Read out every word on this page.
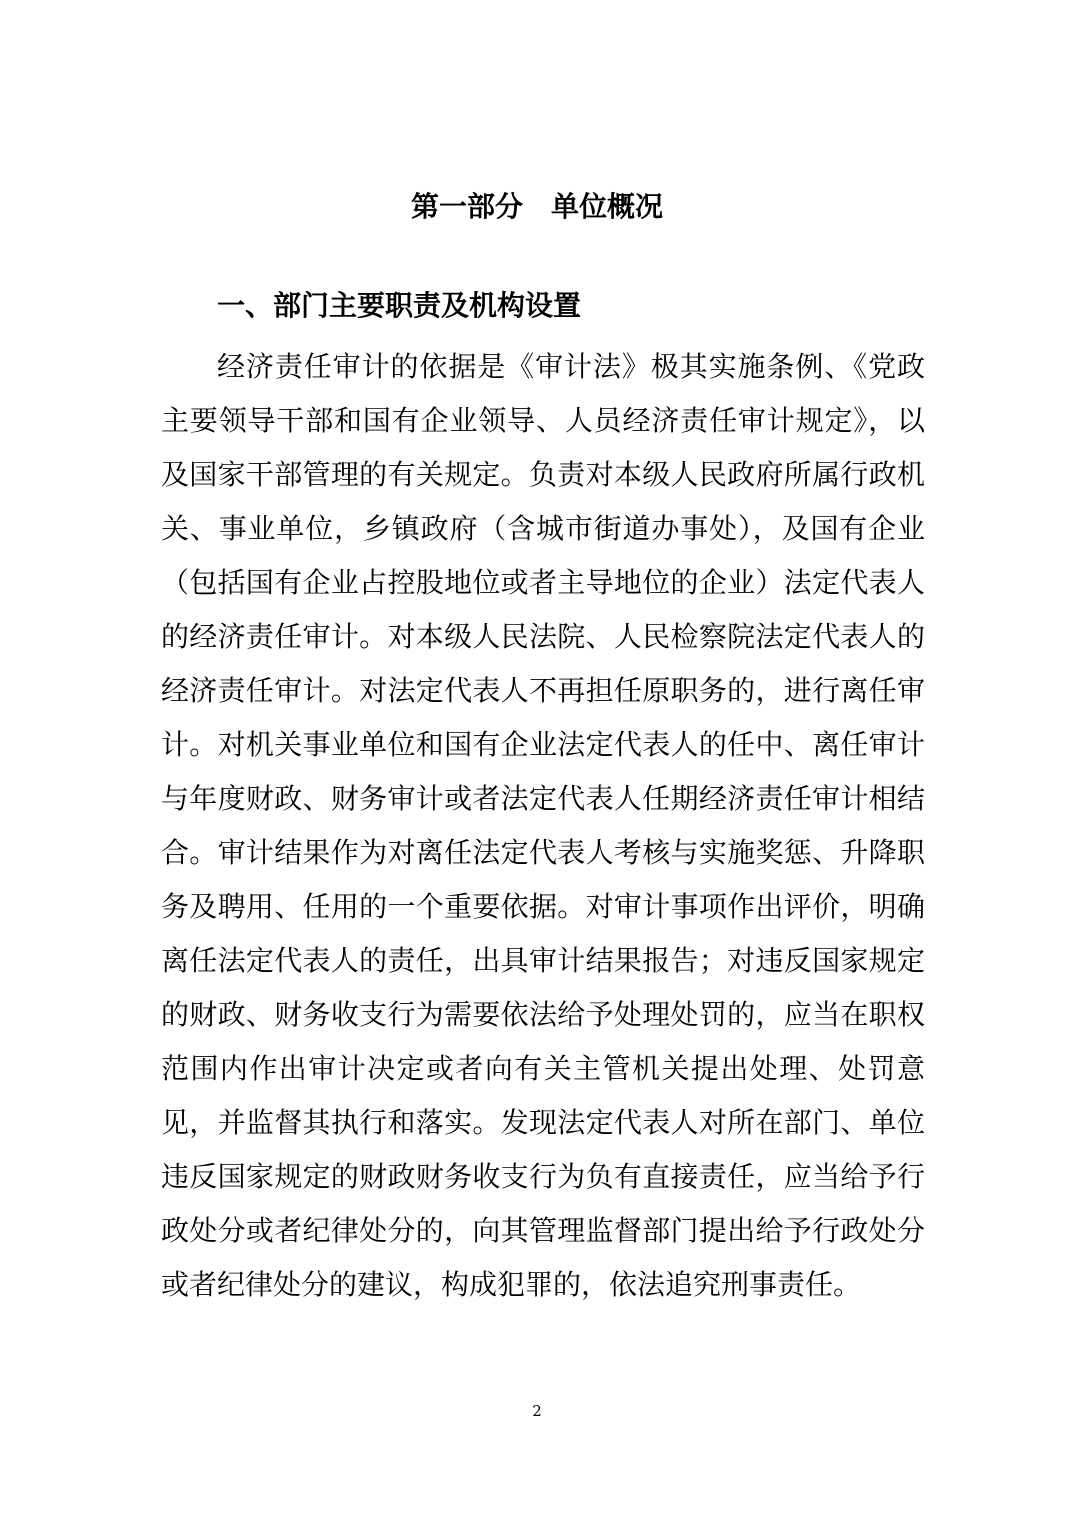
第一部分　单位概况
一、部门主要职责及机构设置
经济责任审计的依据是《审计法》极其实施条例、《党政
主要领导干部和国有企业领导、人员经济责任审计规定》，以
及国家干部管理的有关规定。负责对本级人民政府所属行政机
关、事业单位，乡镇政府（含城市街道办事处），及国有企业
（包括国有企业占控股地位或者主导地位的企业）法定代表人
的经济责任审计。对本级人民法院、人民检察院法定代表人的
经济责任审计。对法定代表人不再担任原职务的，进行离任审
计。对机关事业单位和国有企业法定代表人的任中、离任审计
与年度财政、财务审计或者法定代表人任期经济责任审计相结
合。审计结果作为对离任法定代表人考核与实施奖惩、升降职
务及聘用、任用的一个重要依据。对审计事项作出评价，明确
离任法定代表人的责任，出具审计结果报告；对违反国家规定
的财政、财务收支行为需要依法给予处理处罚的，应当在职权
范围内作出审计决定或者向有关主管机关提出处理、处罚意
见，并监督其执行和落实。发现法定代表人对所在部门、单位
违反国家规定的财政财务收支行为负有直接责任，应当给予行
政处分或者纪律处分的，向其管理监督部门提出给予行政处分
或者纪律处分的建议，构成犯罪的，依法追究刑事责任。
2
